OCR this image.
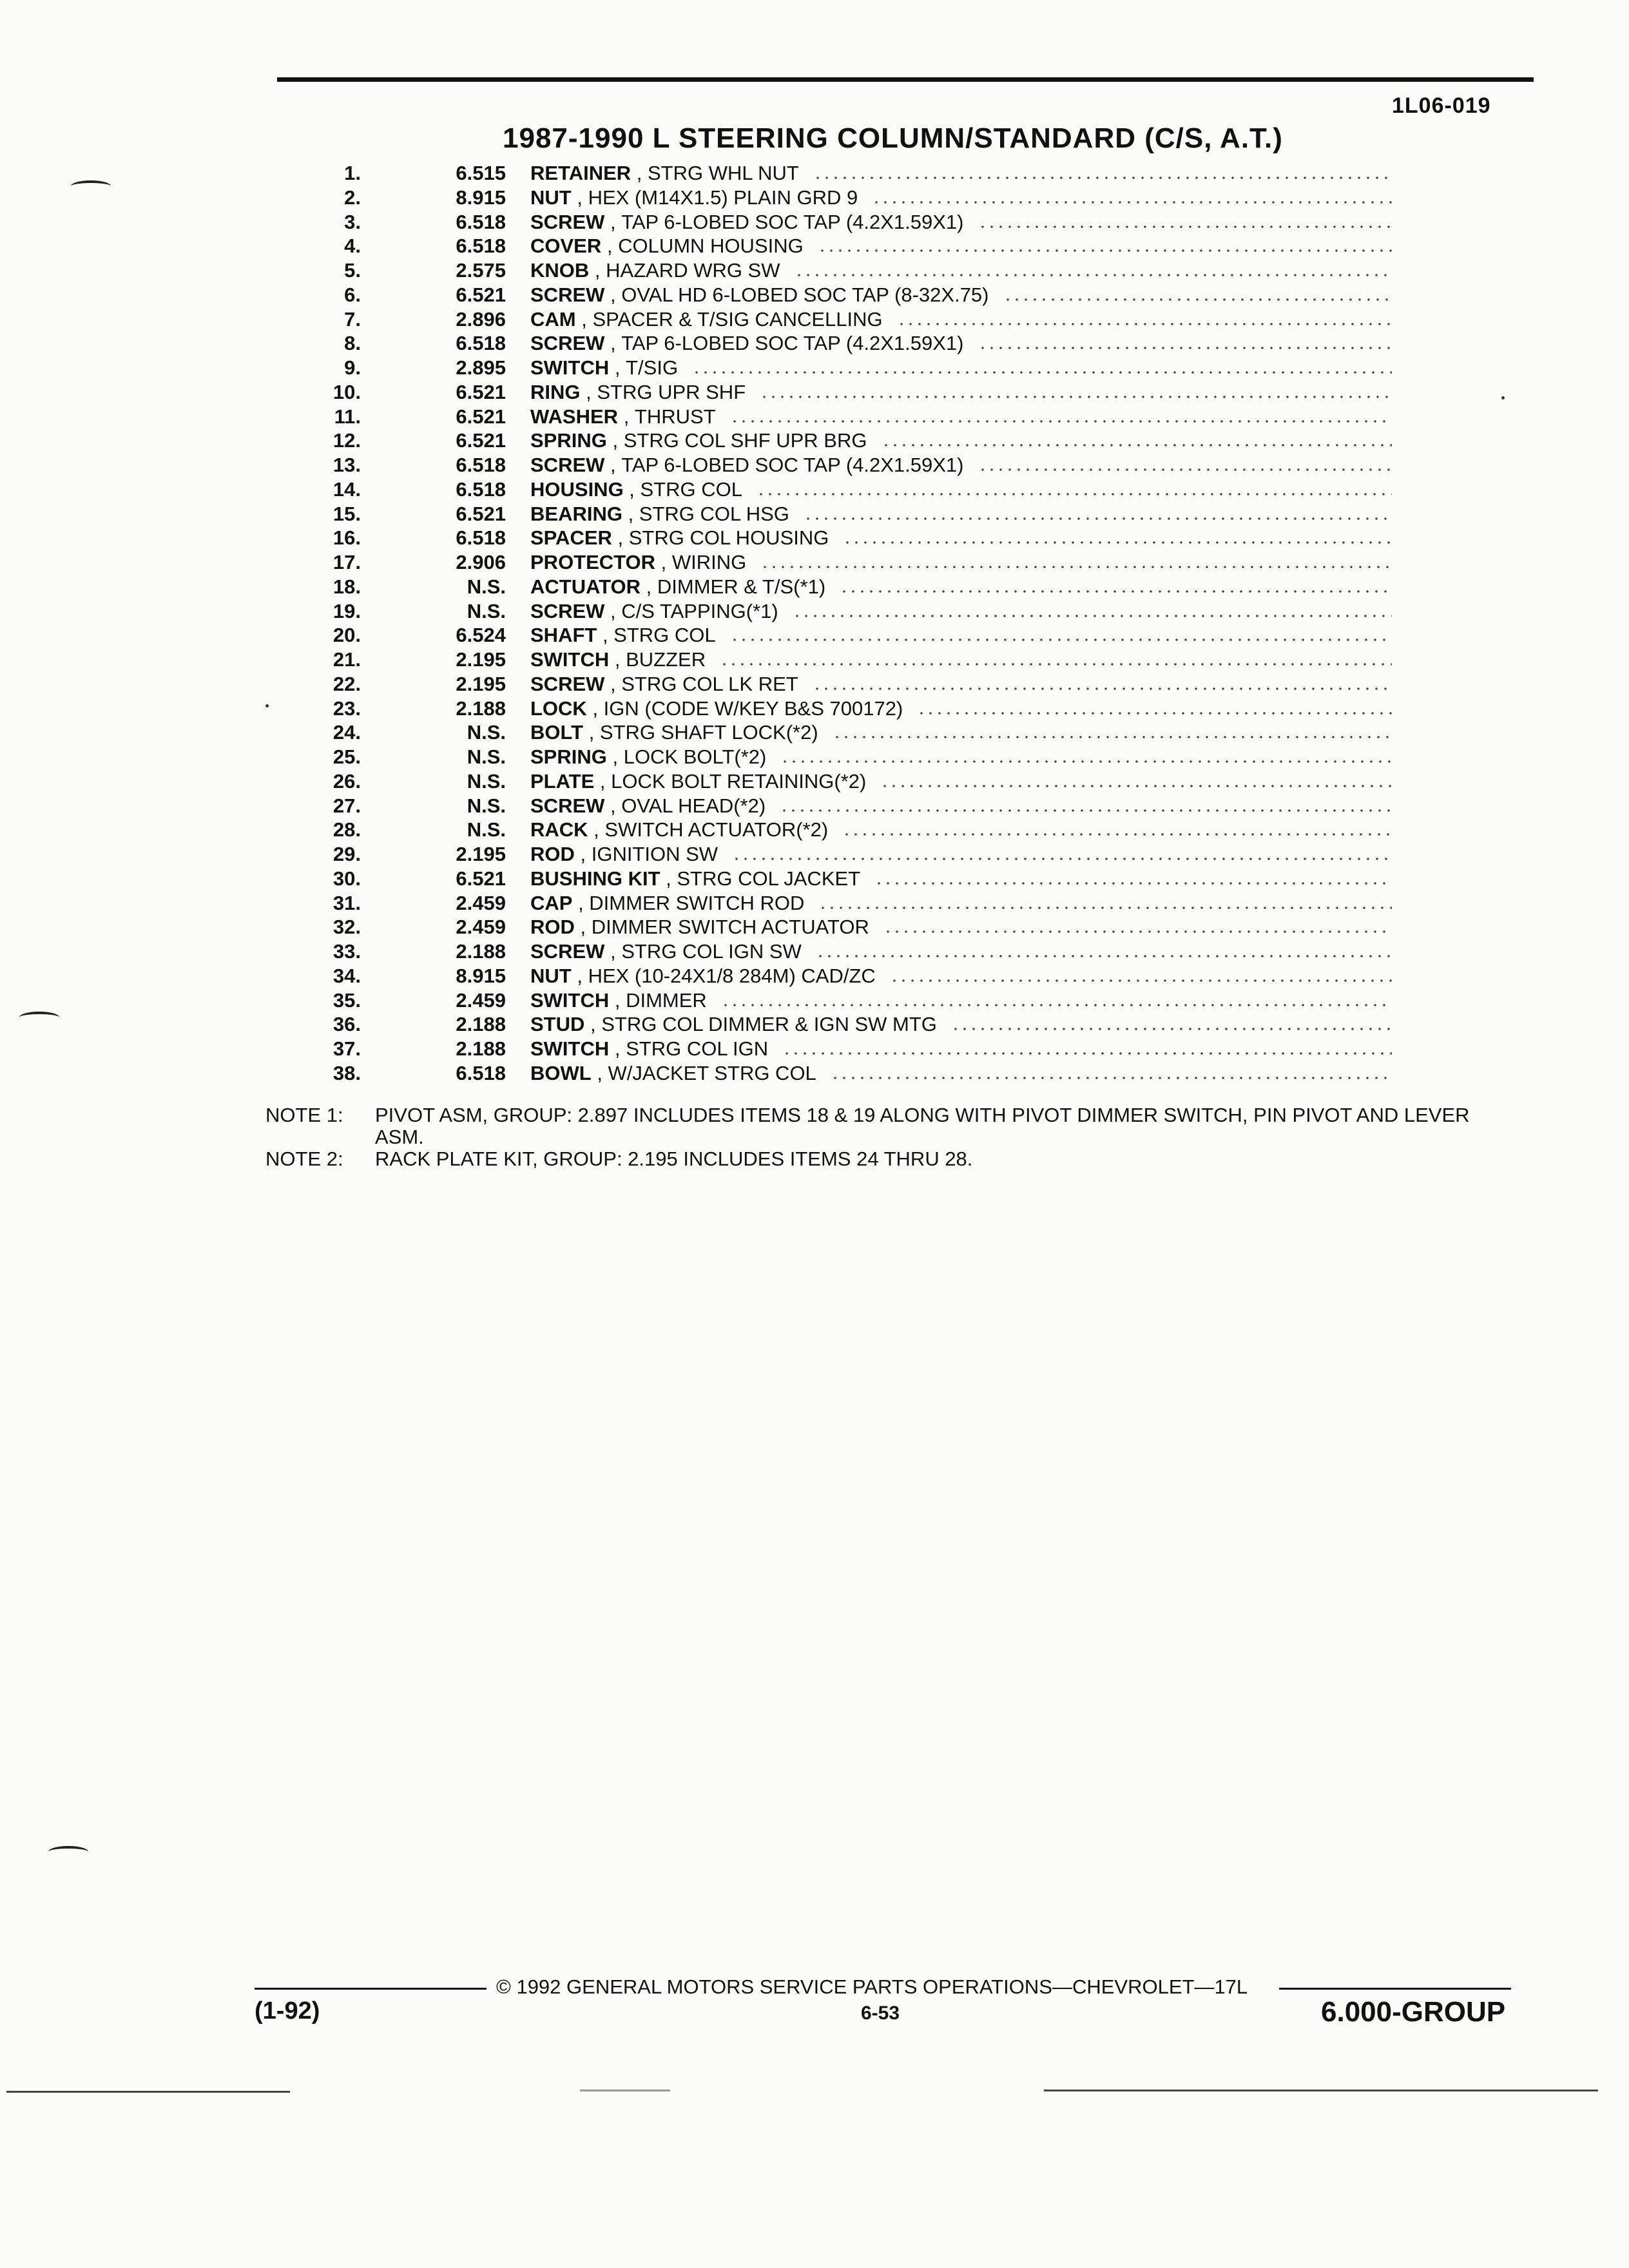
1L06-019
1987-1990 L STEERING COLUMN/STANDARD (C/S, A.T.)
1.	6.515 RETAINER , STRG WHL NUT
2.	8.915 NUT , HEX (M14X1.5) PLAIN GRD 9
3.	6.518 SCREW , TAP 6-LOBED SOC TAP (4.2X1.59X1)
4.	6.518 COVER , COLUMN HOUSING
5.	2.575 KNOB , HAZARD WRG SW
6.	6.521 SCREW , OVAL HD 6-LOBED SOC TAP (8-32X.75)
7.	2.896 CAM , SPACER & T/SIG CANCELLING
8.	6.518 SCREW , TAP 6-LOBED SOC TAP (4.2X1.59X1)
9.	2.895 SWITCH , T/SIG
10.	6.521 RING , STRG UPR SHF
11.	6.521 WASHER , THRUST
12.	6.521 SPRING , STRG COL SHF UPR BRG
13.	6.518 SCREW , TAP 6-LOBED SOC TAP (4.2X1.59X1)
14.	6.518 HOUSING , STRG COL
15.	6.521 BEARING , STRG COL HSG
16.	6.518 SPACER , STRG COL HOUSING
17.	2.906 PROTECTOR , WIRING
18.	N.S. ACTUATOR , DIMMER & T/S(*1)
19.	N.S. SCREW , C/S TAPPING(*1)
20.	6.524 SHAFT , STRG COL
21.	2.195 SWITCH , BUZZER
22.	2.195 SCREW , STRG COL LK RET
23.	2.188 LOCK , IGN (CODE W/KEY B&S 700172)
24.	N.S. BOLT , STRG SHAFT LOCK(*2)
25.	N.S. SPRING , LOCK BOLT(*2)
26.	N.S. PLATE , LOCK BOLT RETAINING(*2)
27.	N.S. SCREW , OVAL HEAD(*2)
28.	N.S. RACK , SWITCH ACTUATOR(*2)
29.	2.195 ROD , IGNITION SW
30.	6.521 BUSHING KIT , STRG COL JACKET
31.	2.459 CAP , DIMMER SWITCH ROD
32.	2.459 ROD , DIMMER SWITCH ACTUATOR
33.	2.188 SCREW , STRG COL IGN SW
34.	8.915 NUT , HEX (10-24X1/8 284M) CAD/ZC
35.	2.459 SWITCH , DIMMER
36.	2.188 STUD , STRG COL DIMMER & IGN SW MTG
37.	2.188 SWITCH , STRG COL IGN
38.	6.518 BOWL , W/JACKET STRG COL
NOTE 1:	PIVOT ASM, GROUP: 2.897 INCLUDES ITEMS 18 & 19 ALONG WITH PIVOT DIMMER SWITCH, PIN PIVOT AND LEVER ASM.
NOTE 2:	RACK PLATE KIT, GROUP: 2.195 INCLUDES ITEMS 24 THRU 28.
(1-92)
© 1992 GENERAL MOTORS SERVICE PARTS OPERATIONS—CHEVROLET—17L
6-53	6.000-GROUP
